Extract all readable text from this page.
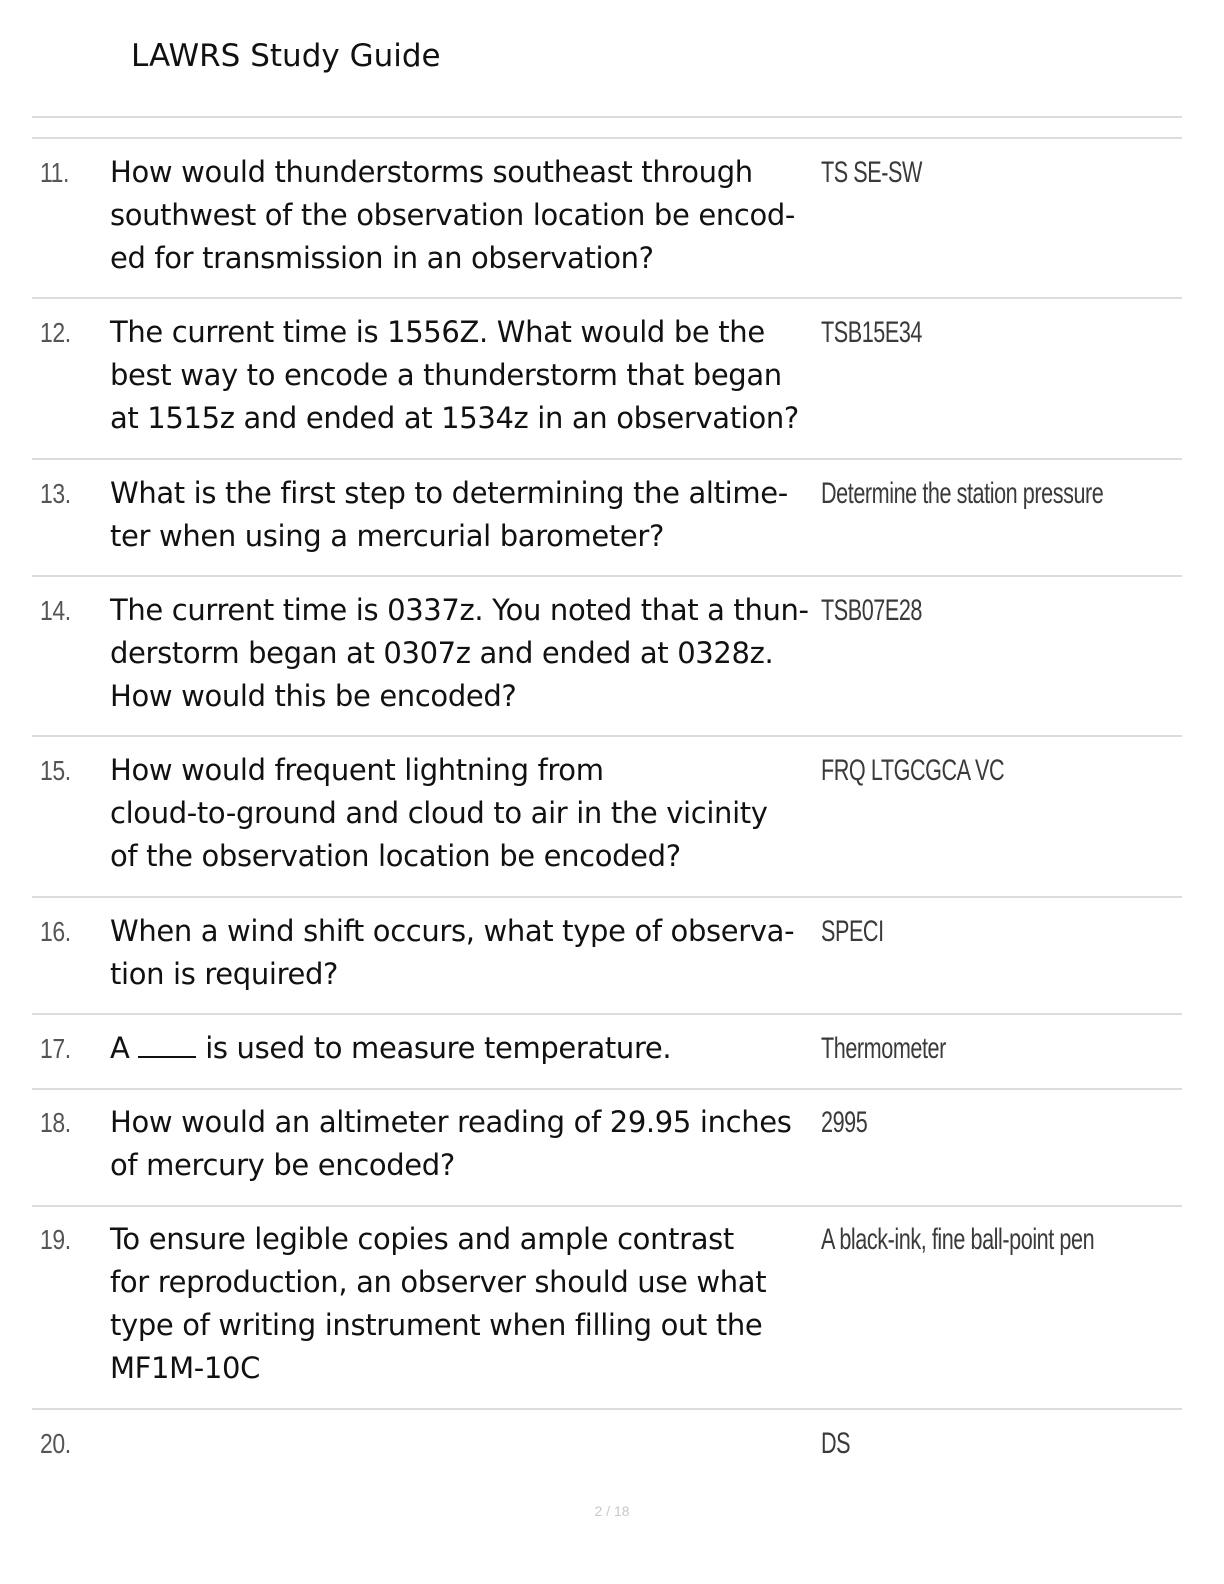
LAWRS Study Guide
11. How would thunderstorms southeast through
southwest of the observation location be encod-
ed for transmission in an observation?
TS SE-SW
12. The current time is 1556Z. What would be the
best way to encode a thunderstorm that began
at 1515z and ended at 1534z in an observation?
TSB15E34
13. What is the first step to determining the altime-
ter when using a mercurial barometer?
Determine the station pressure
14. The current time is 0337z. You noted that a thun-
derstorm began at 0307z and ended at 0328z.
How would this be encoded?
TSB07E28
15. How would frequent lightning from
cloud-to-ground and cloud to air in the vicinity
of the observation location be encoded?
FRQ LTGCGCA VC
16. When a wind shift occurs, what type of observa-
tion is required?
SPECI
17. A  is used to measure temperature.	Thermometer
18. How would an altimeter reading of 29.95 inches
of mercury be encoded?
2995
19. To ensure legible copies and ample contrast
for reproduction, an observer should use what
type of writing instrument when filling out the
MF1M-10C
A black-ink, fine ball-point pen
20.	DS
2 / 18
